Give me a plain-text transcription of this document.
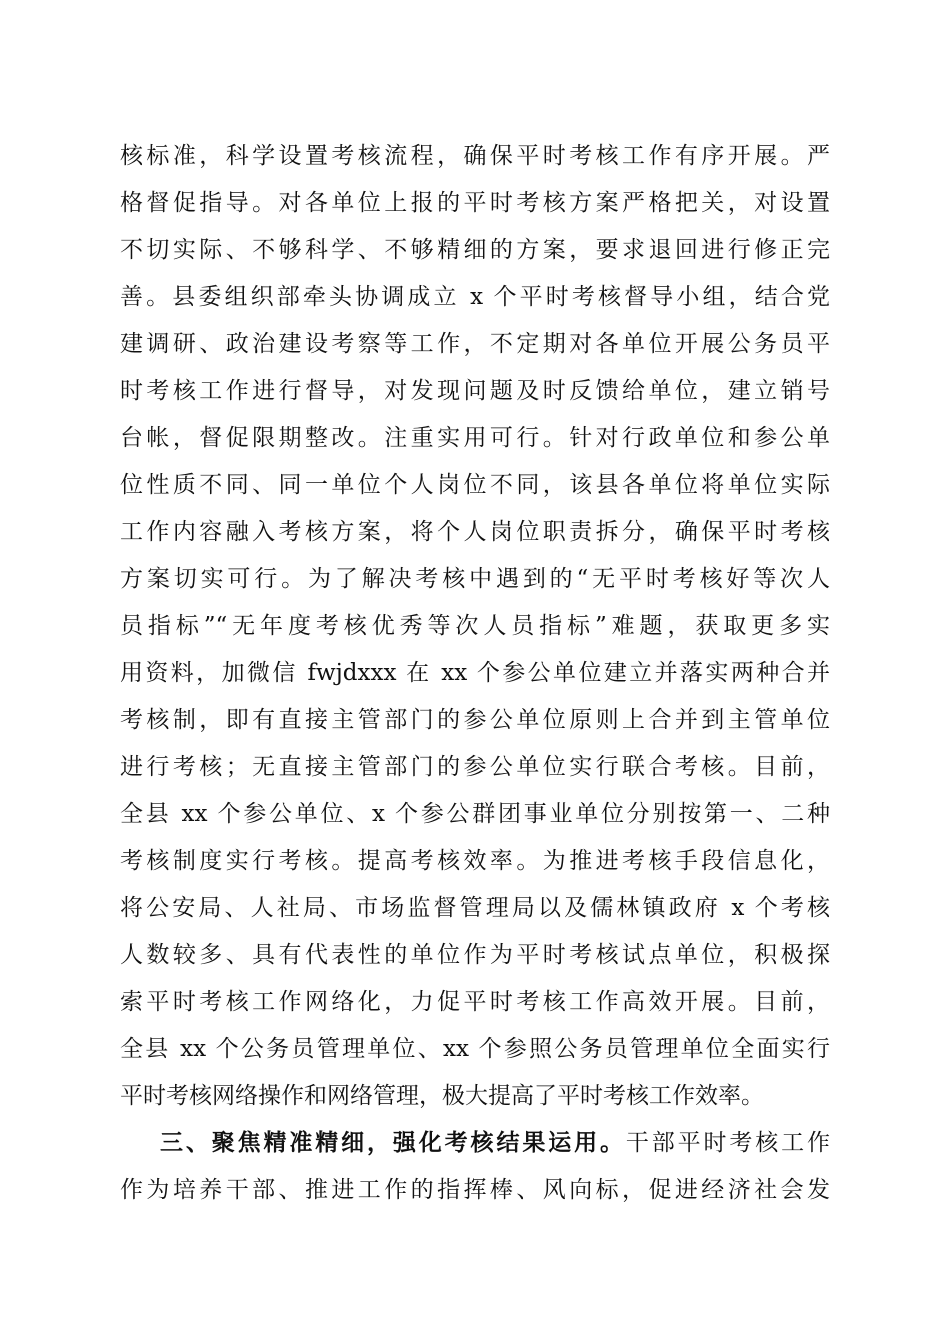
核标准，科学设置考核流程，确保平时考核工作有序开展。严
格督促指导。对各单位上报的平时考核方案严格把关，对设置
不切实际、不够科学、不够精细的方案，要求退回进行修正完
善。县委组织部牵头协调成立 x 个平时考核督导小组，结合党
建调研、政治建设考察等工作，不定期对各单位开展公务员平
时考核工作进行督导，对发现问题及时反馈给单位，建立销号
台帐，督促限期整改。注重实用可行。针对行政单位和参公单
位性质不同、同一单位个人岗位不同，该县各单位将单位实际
工作内容融入考核方案，将个人岗位职责拆分，确保平时考核
方案切实可行。为了解决考核中遇到的“无平时考核好等次人
员指标”“无年度考核优秀等次人员指标”难题，获取更多实
用资料，加微信 fwjdxxx 在 xx 个参公单位建立并落实两种合并
考核制，即有直接主管部门的参公单位原则上合并到主管单位
进行考核；无直接主管部门的参公单位实行联合考核。目前，
全县 xx 个参公单位、x 个参公群团事业单位分别按第一、二种
考核制度实行考核。提高考核效率。为推进考核手段信息化，
将公安局、人社局、市场监督管理局以及儒林镇政府 x 个考核
人数较多、具有代表性的单位作为平时考核试点单位，积极探
索平时考核工作网络化，力促平时考核工作高效开展。目前，
全县 xx 个公务员管理单位、xx 个参照公务员管理单位全面实行
平时考核网络操作和网络管理，极大提高了平时考核工作效率。
三、聚焦精准精细，强化考核结果运用。干部平时考核工作
作为培养干部、推进工作的指挥棒、风向标，促进经济社会发
